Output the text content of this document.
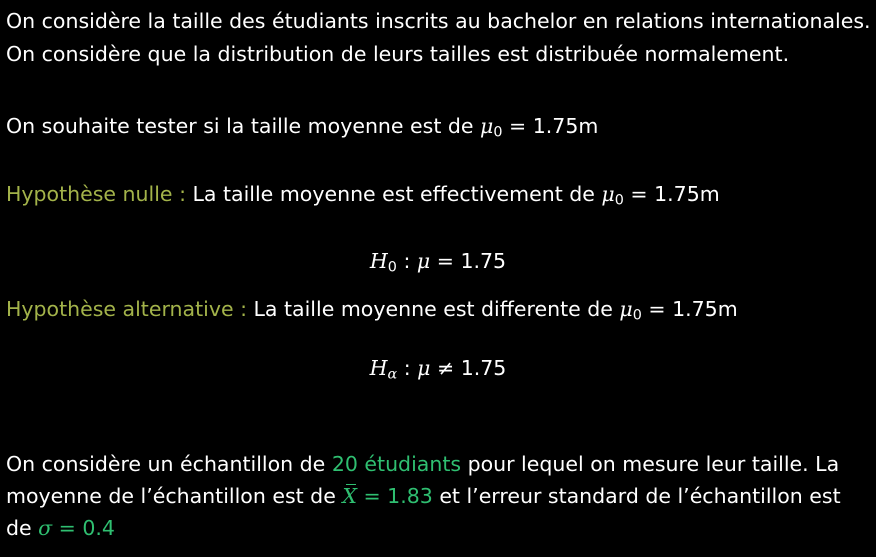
On considère la taille des étudiants inscrits au bachelor en relations internationales.
On considère que la distribution de leurs tailles est distribuée normalement.
On souhaite tester si la taille moyenne est de $\mu_0 = 1.75m$
Hypothèse nulle : La taille moyenne est effectivement de $\mu_0 = 1.75m$
$H_0$ : μ = 1.75
Hypothèse alternative : La taille moyenne est differente de $\mu_0 = 1.75m$
$H_\alpha$ : μ ≠ 1.75
On considère un échantillon de 20 étudiants pour lequel on mesure leur taille. La
moyenne de l’échantillon est de X = 1.83 et l’erreur standard de l’échantillon est
de σ = 0.4
